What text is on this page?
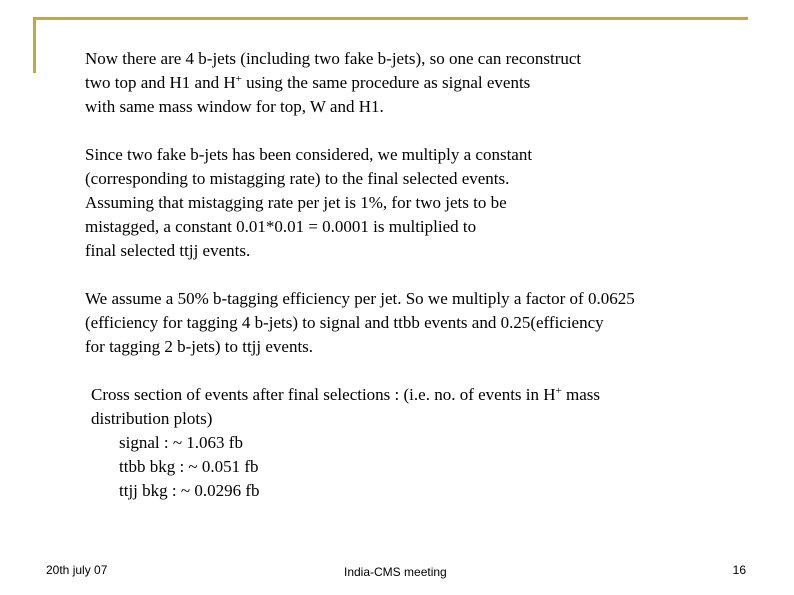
Now there are 4 b-jets (including two fake b-jets), so one can reconstruct
two top and H1 and H+ using the same procedure as signal events
with same mass window for top, W and H1.

Since two fake b-jets has been considered, we multiply a constant
(corresponding to mistagging rate) to the final selected events.
Assuming that mistagging rate per jet is 1%, for two jets to be
mistagged, a constant 0.01*0.01 = 0.0001 is multiplied to
final selected ttjj events.

We assume a 50% b-tagging efficiency per jet. So we multiply a factor of 0.0625
(efficiency for tagging 4 b-jets) to signal and ttbb events and 0.25(efficiency
for tagging 2 b-jets) to ttjj events.

Cross section of events after final selections : (i.e. no. of events in H+ mass
distribution plots)
signal : ~ 1.063 fb
ttbb bkg : ~ 0.051 fb
ttjj bkg : ~ 0.0296 fb

20th july 07	India-CMS meeting	16
